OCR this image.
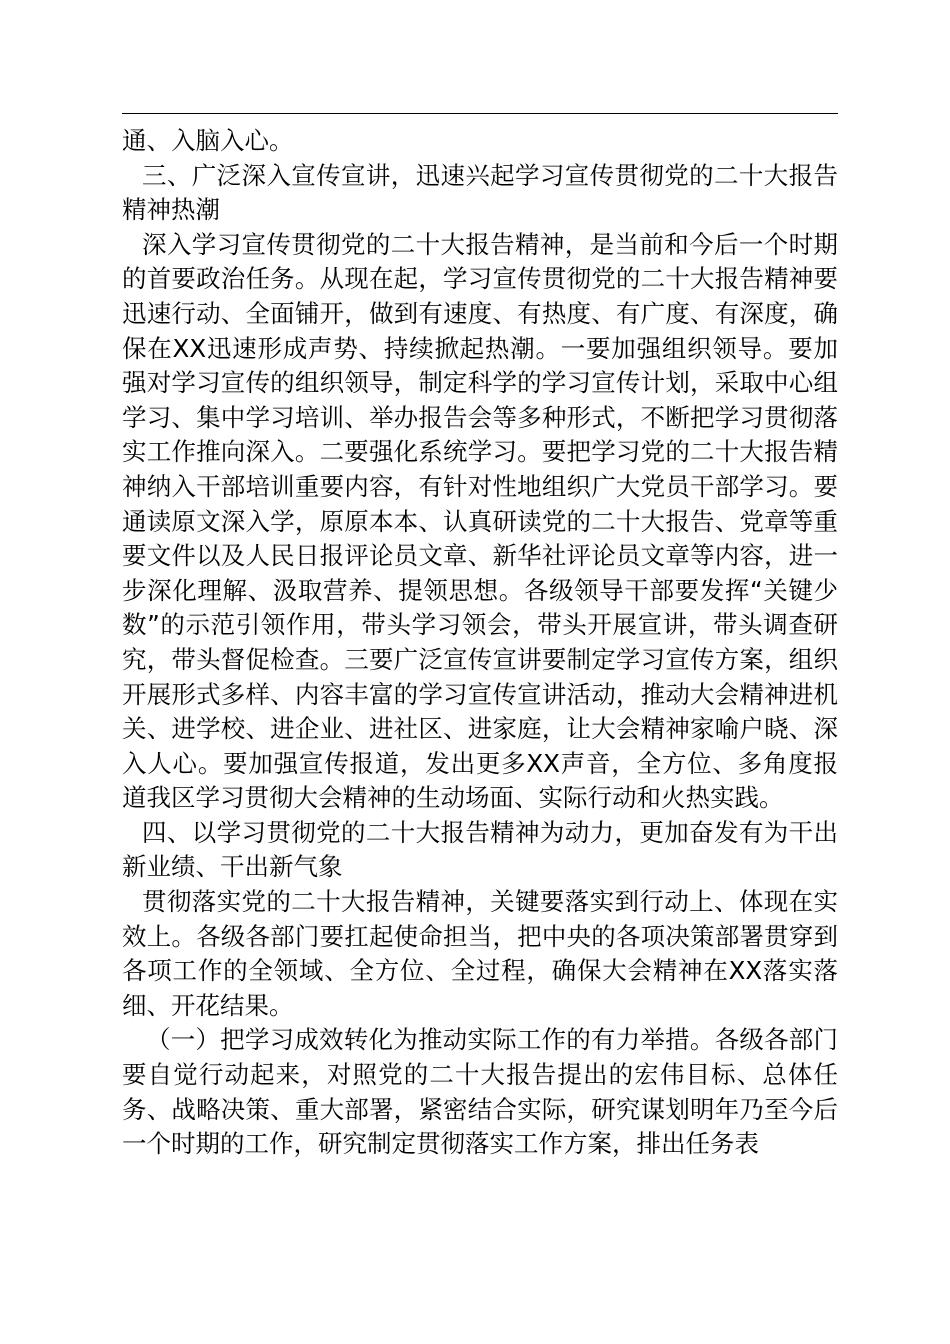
通、入脑入心。

三、广泛深入宣传宣讲，迅速兴起学习宣传贯彻党的二十大报告精神热潮

深入学习宣传贯彻党的二十大报告精神，是当前和今后一个时期的首要政治任务。从现在起，学习宣传贯彻党的二十大报告精神要迅速行动、全面铺开，做到有速度、有热度、有广度、有深度，确保在XX迅速形成声势、持续掀起热潮。一要加强组织领导。要加强对学习宣传的组织领导，制定科学的学习宣传计划，采取中心组学习、集中学习培训、举办报告会等多种形式，不断把学习贯彻落实工作推向深入。二要强化系统学习。要把学习党的二十大报告精神纳入干部培训重要内容，有针对性地组织广大党员干部学习。要通读原文深入学，原原本本、认真研读党的二十大报告、党章等重要文件以及人民日报评论员文章、新华社评论员文章等内容，进一步深化理解、汲取营养、提领思想。各级领导干部要发挥“关键少数”的示范引领作用，带头学习领会，带头开展宣讲，带头调查研究，带头督促检查。三要广泛宣传宣讲要制定学习宣传方案，组织开展形式多样、内容丰富的学习宣传宣讲活动，推动大会精神进机关、进学校、进企业、进社区、进家庭，让大会精神家喻户晓、深入人心。要加强宣传报道，发出更多XX声音，全方位、多角度报道我区学习贯彻大会精神的生动场面、实际行动和火热实践。

四、以学习贯彻党的二十大报告精神为动力，更加奋发有为干出新业绩、干出新气象

贯彻落实党的二十大报告精神，关键要落实到行动上、体现在实效上。各级各部门要扛起使命担当，把中央的各项决策部署贯穿到各项工作的全领域、全方位、全过程，确保大会精神在XX落实落细、开花结果。

（一）把学习成效转化为推动实际工作的有力举措。各级各部门要自觉行动起来，对照党的二十大报告提出的宏伟目标、总体任务、战略决策、重大部署，紧密结合实际，研究谋划明年乃至今后一个时期的工作，研究制定贯彻落实工作方案，排出任务表
